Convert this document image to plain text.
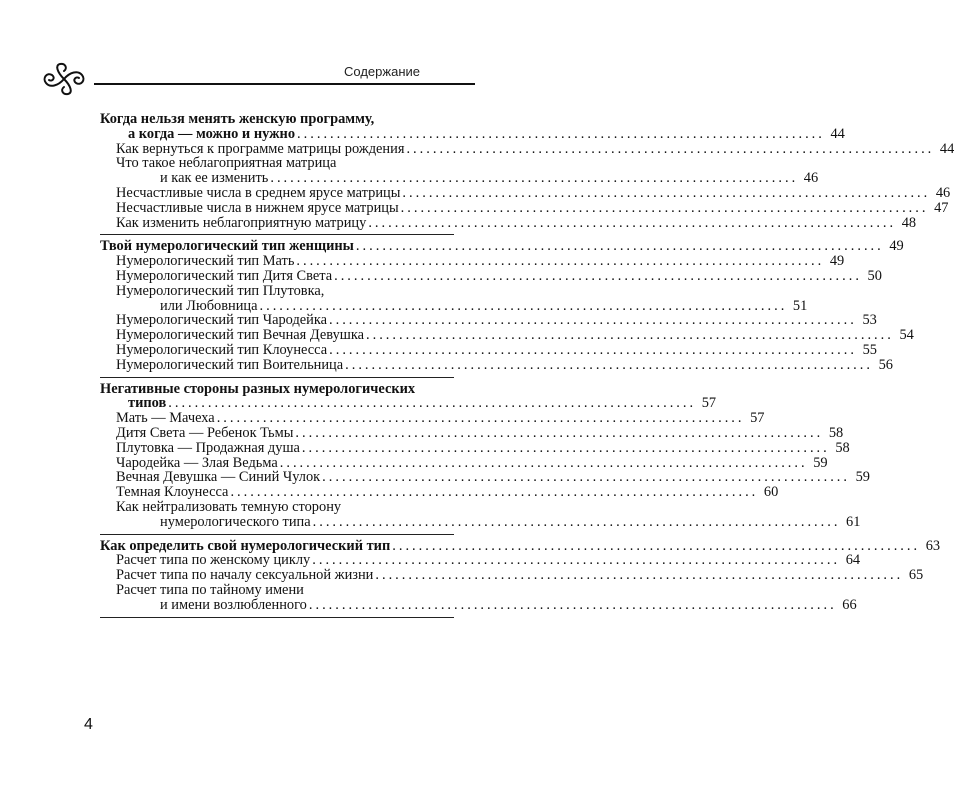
Содержание
Когда нельзя менять женскую программу,
а когда — можно и нужно ................................................................................ 44
Как вернуться к программе матрицы рождения ................................................................................ 44
Что такое неблагоприятная матрица
и как ее изменить ................................................................................ 46
Несчастливые числа в среднем ярусе матрицы ................................................................................ 46
Несчастливые числа в нижнем ярусе матрицы ................................................................................ 47
Как изменить неблагоприятную матрицу ................................................................................ 48
Твой нумерологический тип женщины ................................................................................ 49
Нумерологический тип Мать ................................................................................ 49
Нумерологический тип Дитя Света ................................................................................ 50
Нумерологический тип Плутовка,
или Любовница ................................................................................ 51
Нумерологический тип Чародейка ................................................................................ 53
Нумерологический тип Вечная Девушка ................................................................................ 54
Нумерологический тип Клоунесса ................................................................................ 55
Нумерологический тип Воительница ................................................................................ 56
Негативные стороны разных нумерологических
типов ................................................................................ 57
Мать — Мачеха ................................................................................ 57
Дитя Света — Ребенок Тьмы ................................................................................ 58
Плутовка — Продажная душа ................................................................................ 58
Чародейка — Злая Ведьма ................................................................................ 59
Вечная Девушка — Синий Чулок ................................................................................ 59
Темная Клоунесса ................................................................................ 60
Как нейтрализовать темную сторону
нумерологического типа ................................................................................ 61
Как определить свой нумерологический тип ................................................................................ 63
Расчет типа по женскому циклу ................................................................................ 64
Расчет типа по началу сексуальной жизни ................................................................................ 65
Расчет типа по тайному имени
и имени возлюбленного ................................................................................ 66
4
